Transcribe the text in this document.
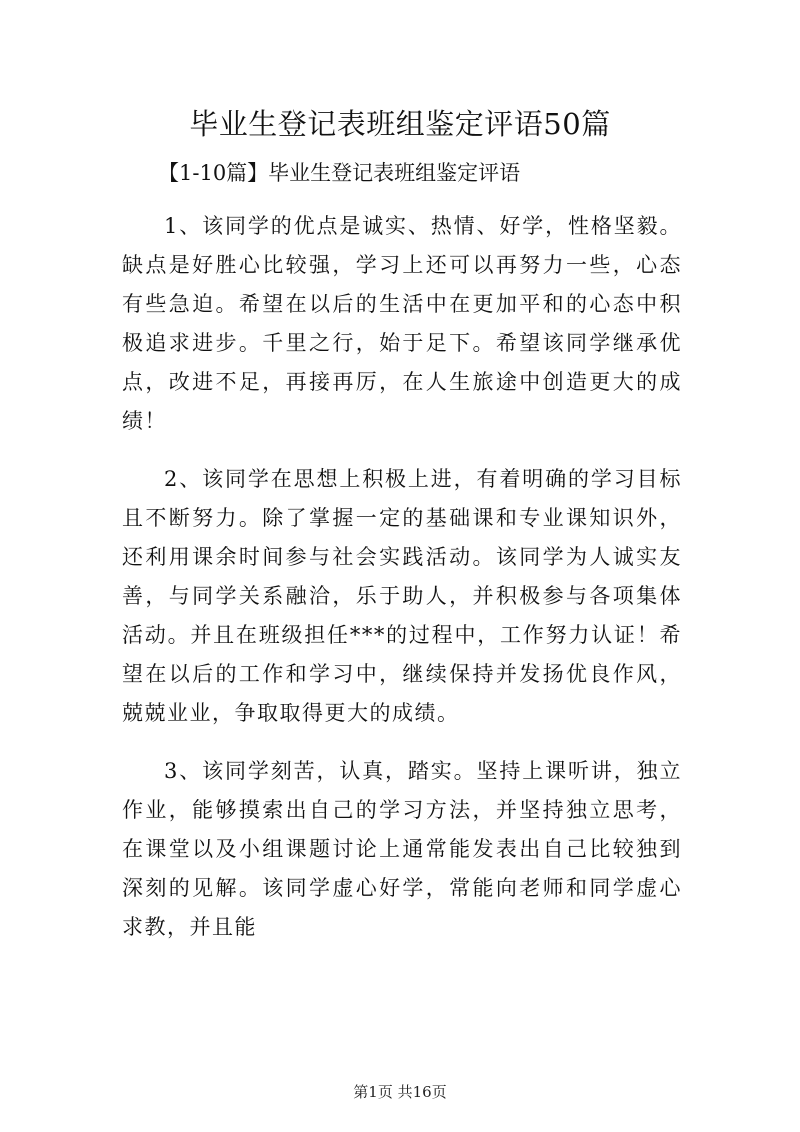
毕业生登记表班组鉴定评语50篇
【1-10篇】毕业生登记表班组鉴定评语

1、该同学的优点是诚实、热情、好学，性格坚毅。缺点是好胜心比较强，学习上还可以再努力一些，心态有些急迫。希望在以后的生活中在更加平和的心态中积极追求进步。千里之行，始于足下。希望该同学继承优点，改进不足，再接再厉，在人生旅途中创造更大的成绩！

2、该同学在思想上积极上进，有着明确的学习目标且不断努力。除了掌握一定的基础课和专业课知识外，还利用课余时间参与社会实践活动。该同学为人诚实友善，与同学关系融洽，乐于助人，并积极参与各项集体活动。并且在班级担任***的过程中，工作努力认证！希望在以后的工作和学习中，继续保持并发扬优良作风，兢兢业业，争取取得更大的成绩。

3、该同学刻苦，认真，踏实。坚持上课听讲，独立作业，能够摸索出自己的学习方法，并坚持独立思考，在课堂以及小组课题讨论上通常能发表出自己比较独到深刻的见解。该同学虚心好学，常能向老师和同学虚心求教，并且能

第1页 共16页
